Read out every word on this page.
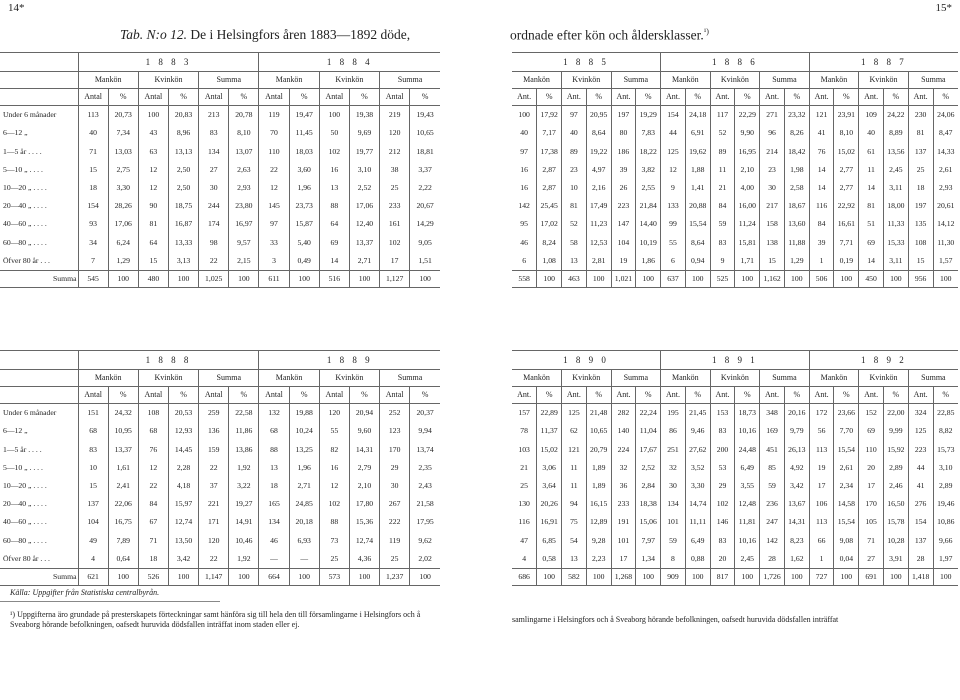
14*	15*
Tab. N:o 12. De i Helsingfors åren 1883—1892 döde,	ordnade efter kön och åldersklasser.$^{^1)}$
	1 8 8 3						1 8 8 4					
	Mankön		Kvinkön		Summa		Mankön		Kvinkön		Summa	
	Antal	%	Antal	%	Antal	%	Antal	%	Antal	%	Antal	%
Under 6 månader	113	20,73	100	20,83	213	20,78	119	19,47	100	19,38	219	19,43
6—12 „	40	7,34	43	8,96	83	8,10	70	11,45	50	9,69	120	10,65
1—5 år . . . .	71	13,03	63	13,13	134	13,07	110	18,03	102	19,77	212	18,81
5—10 „ . . . .	15	2,75	12	2,50	27	2,63	22	3,60	16	3,10	38	3,37
10—20 „ . . . .	18	3,30	12	2,50	30	2,93	12	1,96	13	2,52	25	2,22
20—40 „ . . . .	154	28,26	90	18,75	244	23,80	145	23,73	88	17,06	233	20,67
40—60 „ . . . .	93	17,06	81	16,87	174	16,97	97	15,87	64	12,40	161	14,29
60—80 „ . . . .	34	6,24	64	13,33	98	9,57	33	5,40	69	13,37	102	9,05
Öfver 80 år . . .	7	1,29	15	3,13	22	2,15	3	0,49	14	2,71	17	1,51
Summa	545	100	480	100	1,025	100	611	100	516	100	1,127	100
1 8 8 5						1 8 8 6						1 8 8 7					
Mankön		Kvinkön		Summa		Mankön		Kvinkön		Summa		Mankön		Kvinkön		Summa	
Ant.	%	Ant.	%	Ant.	%	Ant.	%	Ant.	%	Ant.	%	Ant.	%	Ant.	%	Ant.	%
100	17,92	97	20,95	197	19,29	154	24,18	117	22,29	271	23,32	121	23,91	109	24,22	230	24,06
40	7,17	40	8,64	80	7,83	44	6,91	52	9,90	96	8,26	41	8,10	40	8,89	81	8,47
97	17,38	89	19,22	186	18,22	125	19,62	89	16,95	214	18,42	76	15,02	61	13,56	137	14,33
16	2,87	23	4,97	39	3,82	12	1,88	11	2,10	23	1,98	14	2,77	11	2,45	25	2,61
16	2,87	10	2,16	26	2,55	9	1,41	21	4,00	30	2,58	14	2,77	14	3,11	18	2,93
142	25,45	81	17,49	223	21,84	133	20,88	84	16,00	217	18,67	116	22,92	81	18,00	197	20,61
95	17,02	52	11,23	147	14,40	99	15,54	59	11,24	158	13,60	84	16,61	51	11,33	135	14,12
46	8,24	58	12,53	104	10,19	55	8,64	83	15,81	138	11,88	39	7,71	69	15,33	108	11,30
6	1,08	13	2,81	19	1,86	6	0,94	9	1,71	15	1,29	1	0,19	14	3,11	15	1,57
558	100	463	100	1,021	100	637	100	525	100	1,162	100	506	100	450	100	956	100
	1 8 8 8						1 8 8 9					
	Mankön		Kvinkön		Summa		Mankön		Kvinkön		Summa	
	Antal	%	Antal	%	Antal	%	Antal	%	Antal	%	Antal	%
Under 6 månader	151	24,32	108	20,53	259	22,58	132	19,88	120	20,94	252	20,37
6—12 „	68	10,95	68	12,93	136	11,86	68	10,24	55	9,60	123	9,94
1—5 år . . . .	83	13,37	76	14,45	159	13,86	88	13,25	82	14,31	170	13,74
5—10 „ . . . .	10	1,61	12	2,28	22	1,92	13	1,96	16	2,79	29	2,35
10—20 „ . . . .	15	2,41	22	4,18	37	3,22	18	2,71	12	2,10	30	2,43
20—40 „ . . . .	137	22,06	84	15,97	221	19,27	165	24,85	102	17,80	267	21,58
40—60 „ . . . .	104	16,75	67	12,74	171	14,91	134	20,18	88	15,36	222	17,95
60—80 „ . . . .	49	7,89	71	13,50	120	10,46	46	6,93	73	12,74	119	9,62
Öfver 80 år . . .	4	0,64	18	3,42	22	1,92	—	—	25	4,36	25	2,02
Summa	621	100	526	100	1,147	100	664	100	573	100	1,237	100
1 8 9 0						1 8 9 1						1 8 9 2					
Mankön		Kvinkön		Summa		Mankön		Kvinkön		Summa		Mankön		Kvinkön		Summa	
Ant.	%	Ant.	%	Ant.	%	Ant.	%	Ant.	%	Ant.	%	Ant.	%	Ant.	%	Ant.	%
157	22,89	125	21,48	282	22,24	195	21,45	153	18,73	348	20,16	172	23,66	152	22,00	324	22,85
78	11,37	62	10,65	140	11,04	86	9,46	83	10,16	169	9,79	56	7,70	69	9,99	125	8,82
103	15,02	121	20,79	224	17,67	251	27,62	200	24,48	451	26,13	113	15,54	110	15,92	223	15,73
21	3,06	11	1,89	32	2,52	32	3,52	53	6,49	85	4,92	19	2,61	20	2,89	44	3,10
25	3,64	11	1,89	36	2,84	30	3,30	29	3,55	59	3,42	17	2,34	17	2,46	41	2,89
130	20,26	94	16,15	233	18,38	134	14,74	102	12,48	236	13,67	106	14,58	170	16,50	276	19,46
116	16,91	75	12,89	191	15,06	101	11,11	146	11,81	247	14,31	113	15,54	105	15,78	154	10,86
47	6,85	54	9,28	101	7,97	59	6,49	83	10,16	142	8,23	66	9,08	71	10,28	137	9,66
4	0,58	13	2,23	17	1,34	8	0,88	20	2,45	28	1,62	1	0,04	27	3,91	28	1,97
686	100	582	100	1,268	100	909	100	817	100	1,726	100	727	100	691	100	1,418	100
Källa: Uppgifter från Statistiska centralbyrån.
¹) Uppgifterna äro grundade på presterskapets förteckningar samt hänföra sig till hela den till församlingarne i Helsingfors och å Sveaborg hörande befolkningen, oafsedt huruvida dödsfallen inträffat inom staden eller ej.
samlingarne i Helsingfors och å Sveaborg hörande befolkningen, oafsedt huruvida dödsfallen inträffat
